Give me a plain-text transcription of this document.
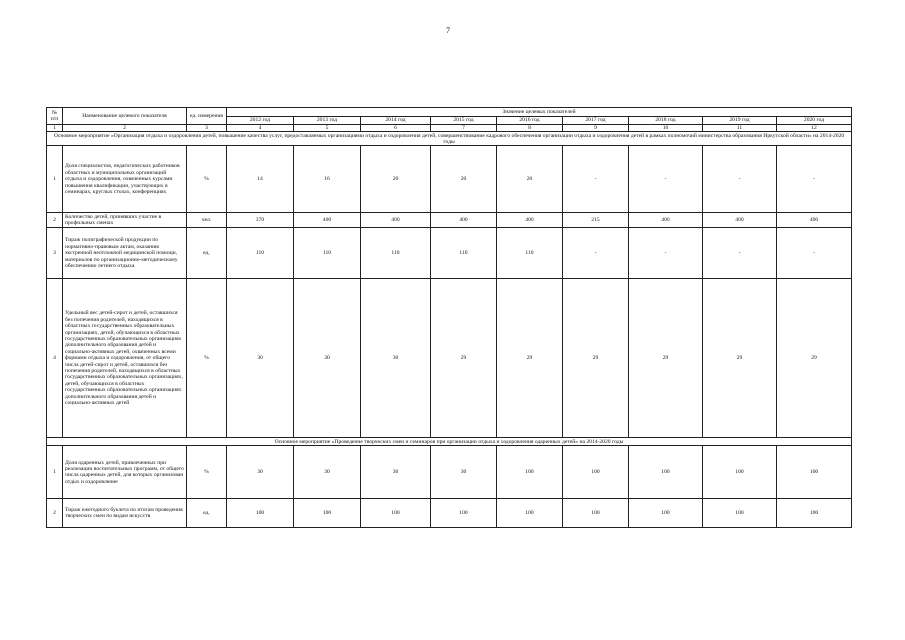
7
№ п/п	Наименование целевого показателя	ед. измерения	Значение целевых показателей								
			2012 год	2013 год	2014 год	2015 год	2016 год	2017 год	2018 год	2019 год	2020 год
1	2	3	4	5	6	7	8	9	10	11	12
Основное мероприятие «Организация отдыха и оздоровления детей, повышение качества услуг, предоставляемых организациями отдыха и оздоровления детей, совершенствование кадрового обеспечения организации отдыха и оздоровления детей в рамках полномочий министерства образования Иркутской области» на 2014-2020 годы											
1	Доля специалистов, педагогических работников областных и муниципальных организаций отдыха и оздоровления, охваченных курсами повышения квалификации, участвующих в семинарах, круглых столах, конференциях	%	14	16	20	20	20	-	-	-	-
2	Количество детей, принявших участие в профильных сменах	чел.	370	400	400	400	400	215	400	400	400
3	Тираж полиграфической продукции по нормативно-правовым актам, оказанию экстренной неотложной медицинской помощи, материалов по организационно-методическому обеспечению летнего отдыха	ед.	110	110	110	110	110	-	-	-	-
4	Удельный вес детей-сирот и детей, оставшихся без попечения родителей, находящихся в областных государственных образовательных организациях, детей, обучающихся в областных государственных образовательных организациях дополнительного образования детей и социально-активных детей, охваченных всеми формами отдыха и оздоровления, от общего числа детей-сирот и детей, оставшихся без попечения родителей, находящихся в областных государственных образовательных организациях, детей, обучающихся в областных государственных образовательных организациях дополнительного образования детей и социально-активных детей	%	30	30	30	29	29	29	29	29	29
Основное мероприятие «Проведение творческих смен и семинаров при организации отдыха и оздоровления одаренных детей» на 2014-2020 годы											
1	Доля одаренных детей, привлеченных при реализации воспитательных программ, от общего числа одаренных детей, для которых организован отдых и оздоровление	%	30	30	30	30	100	100	100	100	100
2	Тираж ежегодного буклета по итогам проведения творческих смен по видам искусств	ед.	100	100	100	100	100	100	100	100	100
